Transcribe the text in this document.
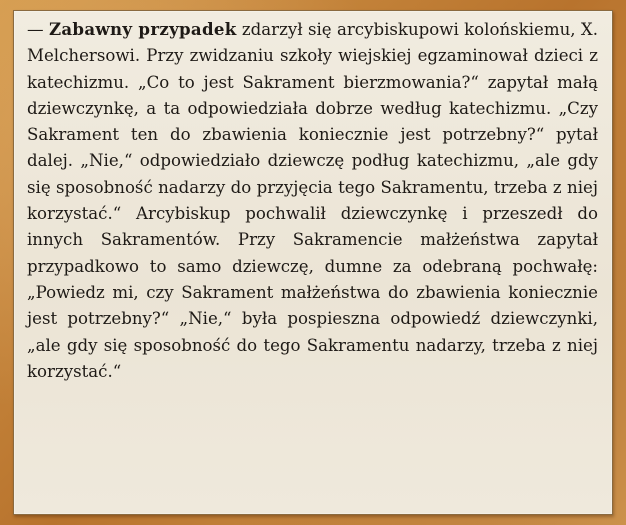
— Zabawny przypadek zdarzył się arcybiskupowi kolońskiemu, X. Melchersowi. Przy zwidzaniu szkoły wiejskiej egzaminował dzieci z katechizmu. „Co to jest Sakrament bierzmowania?“ zapytał małą dziewczynkę, a ta odpowiedziała dobrze według katechizmu. „Czy Sakrament ten do zbawienia koniecznie jest potrzebny?“ pytał dalej. „Nie,“ odpowiedziało dziewczę podług katechizmu, „ale gdy się sposobność nadarzy do przyjęcia tego Sakramentu, trzeba z niej korzystać.“ Arcybiskup pochwalił dziewczynkę i przeszedł do innych Sakramentów. Przy Sakramencie małżeństwa zapytał przypadkowo to samo dziewczę, dumne za odebraną pochwałę: „Powiedz mi, czy Sakrament małżeństwa do zbawienia koniecznie jest potrzebny?“ „Nie,“ była pospieszna odpowiedź dziewczynki, „ale gdy się sposobność do tego Sakramentu nadarzy, trzeba z niej korzystać.“
